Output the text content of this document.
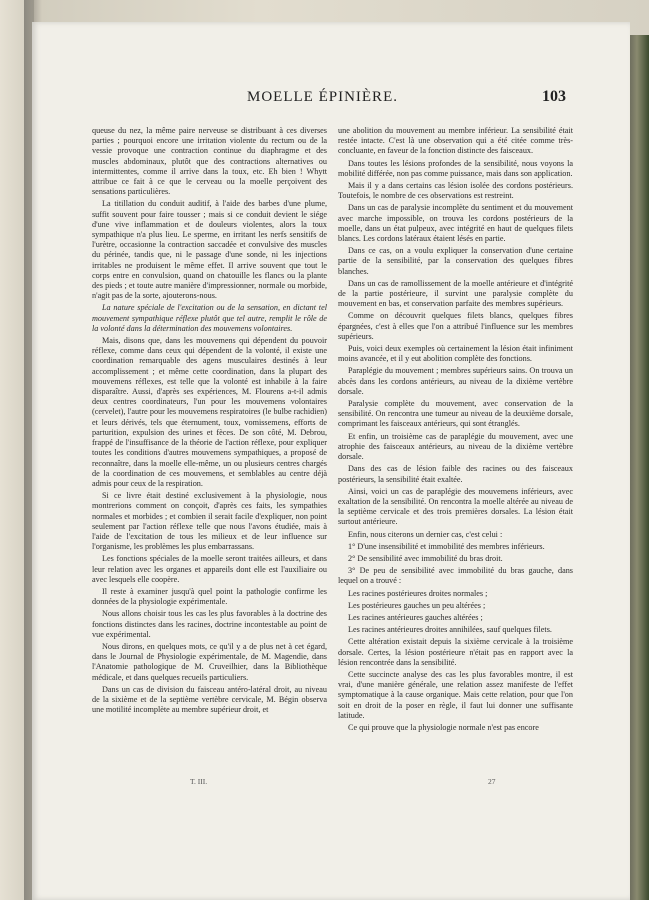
MOELLE ÉPINIÈRE.	103

queuse du nez, la même paire nerveuse se distribuant à ces diverses parties ; pourquoi encore une irritation violente du rectum ou de la vessie provoque une contraction continue du diaphragme et des muscles abdominaux, plutôt que des contractions alternatives ou intermittentes, comme il arrive dans la toux, etc. Eh bien ! Whytt attribue ce fait à ce que le cerveau ou la moelle perçoivent des sensations particulières.

La titillation du conduit auditif, à l'aide des barbes d'une plume, suffit souvent pour faire tousser ; mais si ce conduit devient le siége d'une vive inflammation et de douleurs violentes, alors la toux sympathique n'a plus lieu. Le sperme, en irritant les nerfs sensitifs de l'urètre, occasionne la contraction saccadée et convulsive des muscles du périnée, tandis que, ni le passage d'une sonde, ni les injections irritables ne produisent le même effet. Il arrive souvent que tout le corps entre en convulsion, quand on chatouille les flancs ou la plante des pieds ; et toute autre manière d'impressionner, normale ou morbide, n'agit pas de la sorte, ajouterons-nous.

La nature spéciale de l'excitation ou de la sensation, en dictant tel mouvement sympathique réflexe plutôt que tel autre, remplit le rôle de la volonté dans la détermination des mouvemens volontaires.

Mais, disons que, dans les mouvemens qui dépendent du pouvoir réflexe, comme dans ceux qui dépendent de la volonté, il existe une coordination remarquable des agens musculaires destinés à leur accomplissement ; et même cette coordination, dans la plupart des mouvemens réflexes, est telle que la volonté est inhabile à la faire disparaître. Aussi, d'après ses expériences, M. Flourens a-t-il admis deux centres coordinateurs, l'un pour les mouvemens volontaires (cervelet), l'autre pour les mouvemens respiratoires (le bulbe rachidien) et leurs dérivés, tels que éternument, toux, vomissemens, efforts de parturition, expulsion des urines et fèces. De son côté, M. Debrou, frappé de l'insuffisance de la théorie de l'action réflexe, pour expliquer toutes les conditions d'autres mouvemens sympathiques, a proposé de reconnaître, dans la moelle elle-même, un ou plusieurs centres chargés de la coordination de ces mouvemens, et semblables au centre déjà admis pour ceux de la respiration.

Si ce livre était destiné exclusivement à la physiologie, nous montrerions comment on conçoit, d'après ces faits, les sympathies normales et morbides ; et combien il serait facile d'expliquer, non point seulement par l'action réflexe telle que nous l'avons étudiée, mais à l'aide de l'excitation de tous les milieux et de leur influence sur l'organisme, les problèmes les plus embarrassans.

Les fonctions spéciales de la moelle seront traitées ailleurs, et dans leur relation avec les organes et appareils dont elle est l'auxiliaire ou avec lesquels elle coopère.

Il reste à examiner jusqu'à quel point la pathologie confirme les données de la physiologie expérimentale.

Nous allons choisir tous les cas les plus favorables à la doctrine des fonctions distinctes dans les racines, doctrine incontestable au point de vue expérimental.

Nous dirons, en quelques mots, ce qu'il y a de plus net à cet égard, dans le Journal de Physiologie expérimentale, de M. Magendie, dans l'Anatomie pathologique de M. Cruveilhier, dans la Bibliothèque médicale, et dans quelques recueils particuliers.

Dans un cas de division du faisceau antéro-latéral droit, au niveau de la sixième et de la septième vertèbre cervicale, M. Bégin observa une motilité incomplète au membre supérieur droit, et

une abolition du mouvement au membre inférieur. La sensibilité était restée intacte. C'est là une observation qui a été citée comme très-concluante, en faveur de la fonction distincte des faisceaux.

Dans toutes les lésions profondes de la sensibilité, nous voyons la mobilité différée, non pas comme puissance, mais dans son application.

Mais il y a dans certains cas lésion isolée des cordons postérieurs. Toutefois, le nombre de ces observations est restreint.

Dans un cas de paralysie incomplète du sentiment et du mouvement avec marche impossible, on trouva les cordons postérieurs de la moelle, dans un état pulpeux, avec intégrité en haut de quelques filets blancs. Les cordons latéraux étaient lésés en partie.

Dans ce cas, on a voulu expliquer la conservation d'une certaine partie de la sensibilité, par la conservation des quelques fibres blanches.

Dans un cas de ramollissement de la moelle antérieure et d'intégrité de la partie postérieure, il survint une paralysie complète du mouvement en bas, et conservation parfaite des membres supérieurs.

Comme on découvrit quelques filets blancs, quelques fibres épargnées, c'est à elles que l'on a attribué l'influence sur les membres supérieurs.

Puis, voici deux exemples où certainement la lésion était infiniment moins avancée, et il y eut abolition complète des fonctions.

Paraplégie du mouvement ; membres supérieurs sains. On trouva un abcès dans les cordons antérieurs, au niveau de la dixième vertèbre dorsale.

Paralysie complète du mouvement, avec conservation de la sensibilité. On rencontra une tumeur au niveau de la deuxième dorsale, comprimant les faisceaux antérieurs, qui sont étranglés.

Et enfin, un troisième cas de paraplégie du mouvement, avec une atrophie des faisceaux antérieurs, au niveau de la dixième vertèbre dorsale.

Dans des cas de lésion faible des racines ou des faisceaux postérieurs, la sensibilité était exaltée.

Ainsi, voici un cas de paraplégie des mouvemens inférieurs, avec exaltation de la sensibilité. On rencontra la moelle altérée au niveau de la septième cervicale et des trois premières dorsales. La lésion était surtout antérieure.

Enfin, nous citerons un dernier cas, c'est celui :

1° D'une insensibilité et immobilité des membres inférieurs.

2° De sensibilité avec immobilité du bras droit.

3° De peu de sensibilité avec immobilité du bras gauche, dans lequel on a trouvé :

Les racines postérieures droites normales ;

Les postérieures gauches un peu altérées ;

Les racines antérieures gauches altérées ;

Les racines antérieures droites annihilées, sauf quelques filets.

Cette altération existait depuis la sixième cervicale à la troisième dorsale. Certes, la lésion postérieure n'était pas en rapport avec la lésion rencontrée dans la sensibilité.

Cette succincte analyse des cas les plus favorables montre, il est vrai, d'une manière générale, une relation assez manifeste de l'effet symptomatique à la cause organique. Mais cette relation, pour que l'on soit en droit de la poser en règle, il faut lui donner une suffisante latitude.

Ce qui prouve que la physiologie normale n'est pas encore

T. III.	27
